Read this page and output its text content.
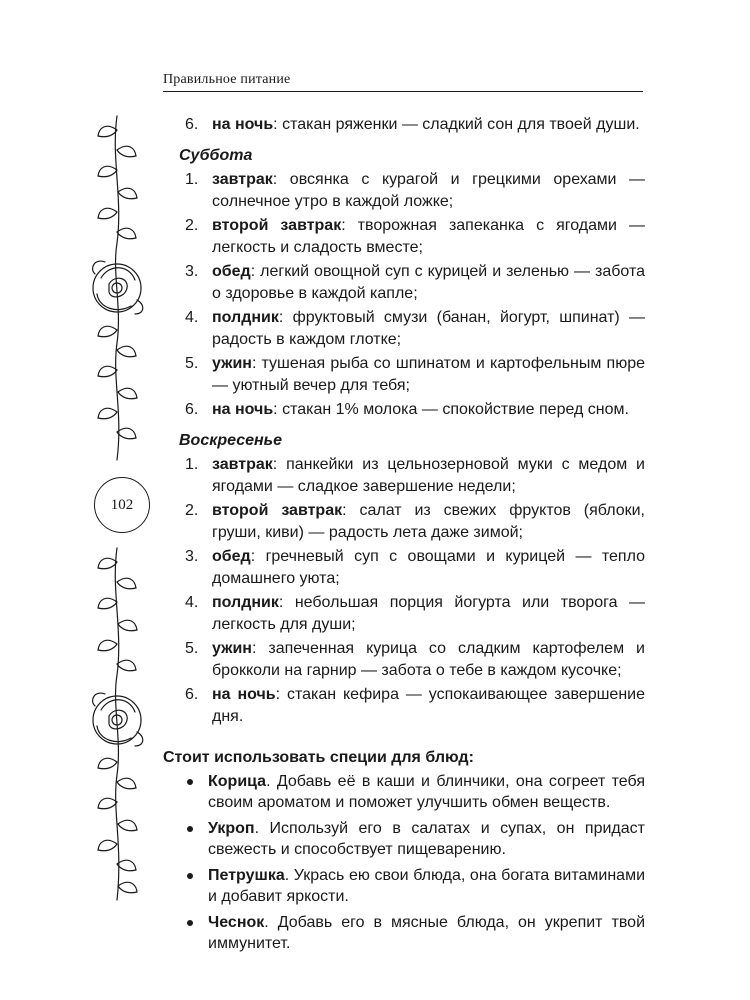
Правильное питание
102
6. на ночь: стакан ряженки — сладкий сон для твоей души.
Суббота
1. завтрак: овсянка с курагой и грецкими орехами — солнечное утро в каждой ложке;
2. второй завтрак: творожная запеканка с ягодами — легкость и сладость вместе;
3. обед: легкий овощной суп с курицей и зеленью — забота о здоровье в каждой капле;
4. полдник: фруктовый смузи (банан, йогурт, шпинат) — радость в каждом глотке;
5. ужин: тушеная рыба со шпинатом и картофельным пюре — уютный вечер для тебя;
6. на ночь: стакан 1% молока — спокойствие перед сном.
Воскресенье
1. завтрак: панкейки из цельнозерновой муки с медом и ягодами — сладкое завершение недели;
2. второй завтрак: салат из свежих фруктов (яблоки, груши, киви) — радость лета даже зимой;
3. обед: гречневый суп с овощами и курицей — тепло домашнего уюта;
4. полдник: небольшая порция йогурта или творога — легкость для души;
5. ужин: запеченная курица со сладким картофелем и брокколи на гарнир — забота о тебе в каждом кусочке;
6. на ночь: стакан кефира — успокаивающее завершение дня.
Стоит использовать специи для блюд:
Корица. Добавь её в каши и блинчики, она согреет тебя своим ароматом и поможет улучшить обмен веществ.
Укроп. Используй его в салатах и супах, он придаст свежесть и способствует пищеварению.
Петрушка. Укрась ею свои блюда, она богата витаминами и добавит яркости.
Чеснок. Добавь его в мясные блюда, он укрепит твой иммунитет.
